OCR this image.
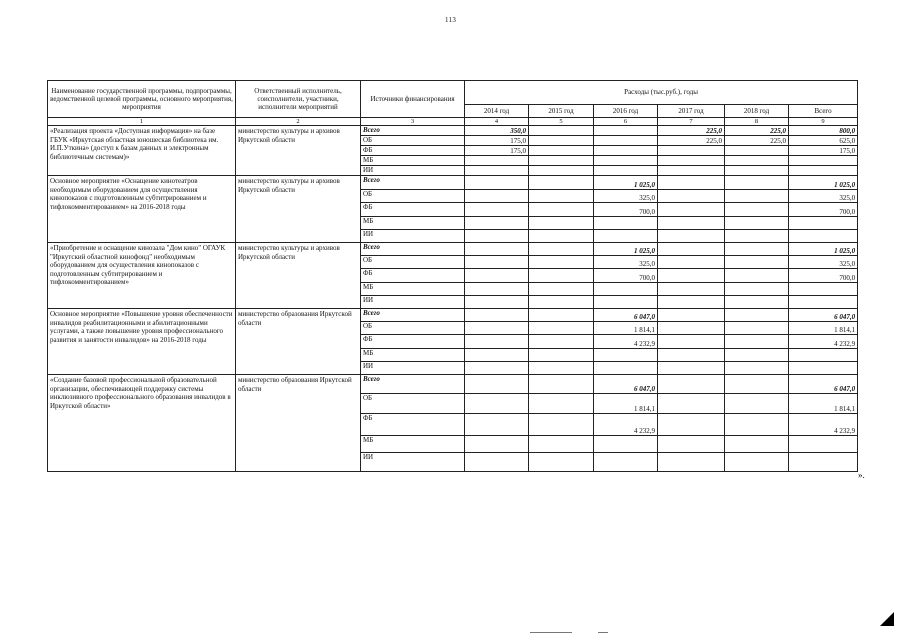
113
Наименование государственной программы, подпрограммы, ведомственной целевой программы, основного мероприятия, мероприятия	Ответственный исполнитель, соисполнители, участники, исполнители мероприятий	Источники финансирования	Расходы (тыс.руб.), годы					
			2014 год	2015 год	2016 год	2017 год	2018 год	Всего
1	2	3	4	5	6	7	8	9
«Реализация проекта «Доступная информация» на базе ГБУК «Иркутская областная юношеская библиотека им. И.П.Уткина» (доступ к базам данных и электронным библиотечным системам)»	министерство культуры и архивов Иркутской области	Всего	350,0			225,0	225,0	800,0
		ОБ	175,0			225,0	225,0	625,0
		ФБ	175,0					175,0
		МБ						
		ИИ						
Основное мероприятие «Оснащение кинотеатров необходимым оборудованием для осуществления кинопоказов с подготовленным субтитрированием и тифлокомментированием» на 2016-2018 годы	министерство культуры и архивов Иркутской области	Всего			1 025,0			1 025,0
		ОБ			325,0			325,0
		ФБ			700,0			700,0
		МБ						
		ИИ						
«Приобретение и оснащение кинозала "Дом кино" ОГАУК "Иркутский областной кинофонд" необходимым оборудованием для осуществления кинопоказов с подготовленным субтитрированием и тифлокомментированием»	министерство культуры и архивов Иркутской области	Всего			1 025,0			1 025,0
		ОБ			325,0			325,0
		ФБ			700,0			700,0
		МБ						
		ИИ						
Основное мероприятие «Повышение уровня обеспеченности инвалидов реабилитационными и абилитационными услугами, а также повышение уровня профессионального развития и занятости инвалидов» на 2016-2018 годы	министерство образования Иркутской области	Всего			6 047,0			6 047,0
		ОБ			1 814,1			1 814,1
		ФБ			4 232,9			4 232,9
		МБ						
		ИИ						
«Создание базовой профессиональной образовательной организации, обеспечивающей поддержку системы инклюзивного профессионального образования инвалидов в Иркутской области»	министерство образования Иркутской области	Всего			6 047,0			6 047,0
		ОБ			1 814,1			1 814,1
		ФБ			4 232,9			4 232,9
		МБ						
		ИИ						
».
